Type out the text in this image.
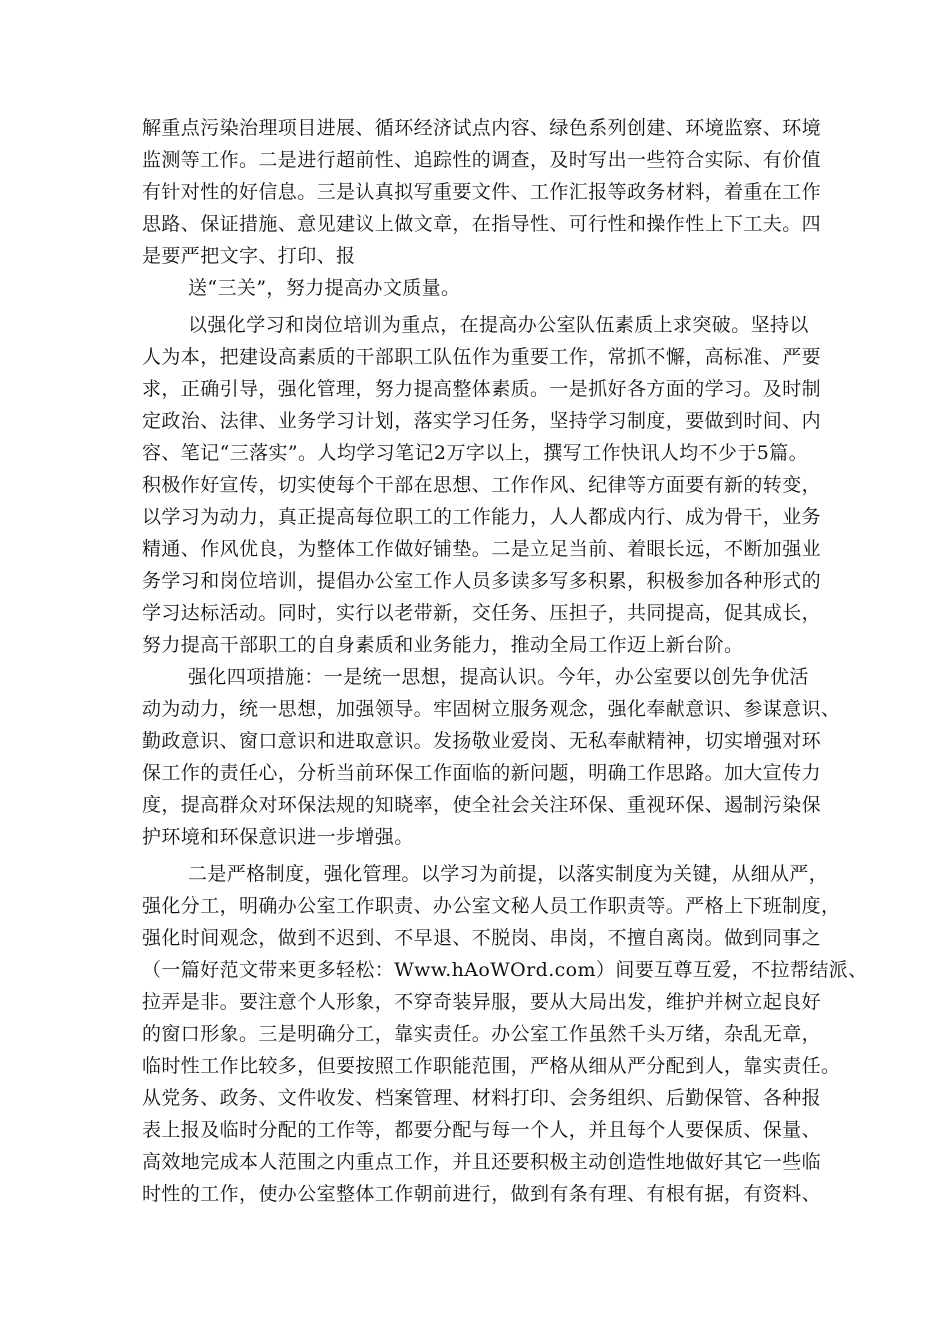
解重点污染治理项目进展、循环经济试点内容、绿色系列创建、环境监察、环境
监测等工作。二是进行超前性、追踪性的调查，及时写出一些符合实际、有价值
有针对性的好信息。三是认真拟写重要文件、工作汇报等政务材料，着重在工作
思路、保证措施、意见建议上做文章，在指导性、可行性和操作性上下工夫。四
是要严把文字、打印、报
送“三关”，努力提高办文质量。
以强化学习和岗位培训为重点，在提高办公室队伍素质上求突破。坚持以
人为本，把建设高素质的干部职工队伍作为重要工作，常抓不懈，高标准、严要
求，正确引导，强化管理，努力提高整体素质。一是抓好各方面的学习。及时制
定政治、法律、业务学习计划，落实学习任务，坚持学习制度，要做到时间、内
容、笔记“三落实”。人均学习笔记2万字以上，撰写工作快讯人均不少于5篇。
积极作好宣传，切实使每个干部在思想、工作作风、纪律等方面要有新的转变，
以学习为动力，真正提高每位职工的工作能力，人人都成内行、成为骨干，业务
精通、作风优良，为整体工作做好铺垫。二是立足当前、着眼长远，不断加强业
务学习和岗位培训，提倡办公室工作人员多读多写多积累，积极参加各种形式的
学习达标活动。同时，实行以老带新，交任务、压担子，共同提高，促其成长，
努力提高干部职工的自身素质和业务能力，推动全局工作迈上新台阶。
强化四项措施：一是统一思想，提高认识。今年，办公室要以创先争优活
动为动力，统一思想，加强领导。牢固树立服务观念，强化奉献意识、参谋意识、
勤政意识、窗口意识和进取意识。发扬敬业爱岗、无私奉献精神，切实增强对环
保工作的责任心，分析当前环保工作面临的新问题，明确工作思路。加大宣传力
度，提高群众对环保法规的知晓率，使全社会关注环保、重视环保、遏制污染保
护环境和环保意识进一步增强。
二是严格制度，强化管理。以学习为前提，以落实制度为关键，从细从严，
强化分工，明确办公室工作职责、办公室文秘人员工作职责等。严格上下班制度，
强化时间观念，做到不迟到、不早退、不脱岗、串岗，不擅自离岗。做到同事之
（一篇好范文带来更多轻松：Www.hAoWOrd.com）间要互尊互爱，不拉帮结派、
拉弄是非。要注意个人形象，不穿奇装异服，要从大局出发，维护并树立起良好
的窗口形象。三是明确分工，靠实责任。办公室工作虽然千头万绪，杂乱无章，
临时性工作比较多，但要按照工作职能范围，严格从细从严分配到人，靠实责任。
从党务、政务、文件收发、档案管理、材料打印、会务组织、后勤保管、各种报
表上报及临时分配的工作等，都要分配与每一个人，并且每个人要保质、保量、
高效地完成本人范围之内重点工作，并且还要积极主动创造性地做好其它一些临
时性的工作，使办公室整体工作朝前进行，做到有条有理、有根有据，有资料、
